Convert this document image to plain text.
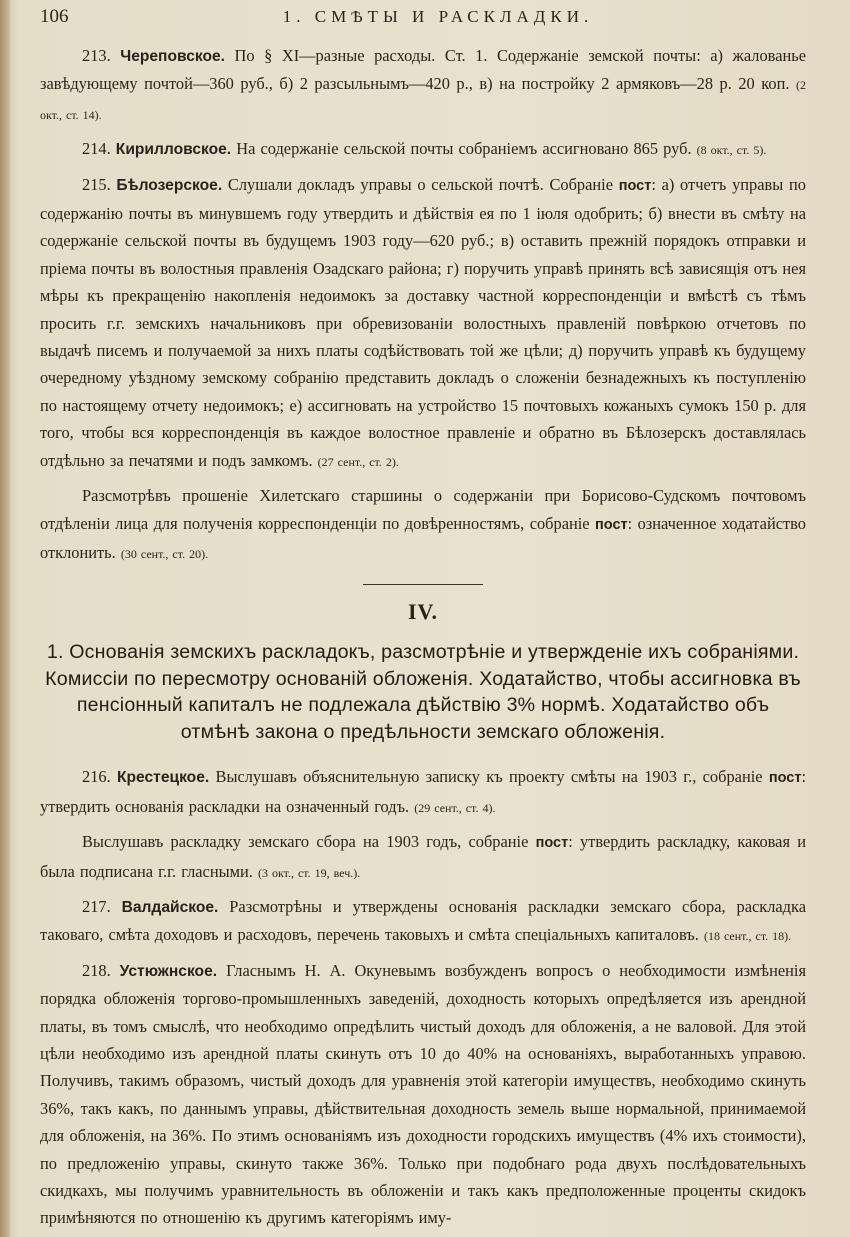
106	1. СМѢТЫ И РАСКЛАДКИ.

213. Череповское. По § XI—разные расходы. Ст. 1. Содержаніе земской почты: а) жалованье завѣдующему почтой—360 руб., б) 2 разсыльнымъ—420 р., в) на постройку 2 армяковъ—28 р. 20 коп. (2 окт., ст. 14).

214. Кирилловское. На содержаніе сельской почты собраніемъ ассигновано 865 руб. (8 окт., ст. 5).

215. Бѣлозерское. Слушали докладъ управы о сельской почтѣ. Собраніе пост: а) отчетъ управы по содержанію почты въ минувшемъ году утвердить и дѣйствія ея по 1 іюля одобрить; б) внести въ смѣту на содержаніе сельской почты въ будущемъ 1903 году—620 руб.; в) оставить прежній порядокъ отправки и пріема почты въ волостныя правленія Озадскаго района; г) поручить управѣ принять всѣ зависящія отъ нея мѣры къ прекращенію накопленія недоимокъ за доставку частной корреспонденціи и вмѣстѣ съ тѣмъ просить г.г. земскихъ начальниковъ при обревизованіи волостныхъ правленій повѣркою отчетовъ по выдачѣ писемъ и получаемой за нихъ платы содѣйствовать той же цѣли; д) поручить управѣ къ будущему очередному уѣздному земскому собранію представить докладъ о сложеніи безнадежныхъ къ поступленію по настоящему отчету недоимокъ; е) ассигновать на устройство 15 почтовыхъ кожаныхъ сумокъ 150 р. для того, чтобы вся корреспонденція въ каждое волостное правленіе и обратно въ Бѣлозерскъ доставлялась отдѣльно за печатями и подъ замкомъ. (27 сент., ст. 2).

Разсмотрѣвъ прошеніе Хилетскаго старшины о содержаніи при Борисово-Судскомъ почтовомъ отдѣленіи лица для полученія корреспонденціи по довѣренностямъ, собраніе пост: означенное ходатайство отклонить. (30 сент., ст. 20).

IV.
1. Основанія земскихъ раскладокъ, разсмотрѣніе и утвержденіе ихъ собраніями. Комиссіи по пересмотру основаній обложенія. Ходатайство, чтобы ассигновка въ пенсіонный капиталъ не подлежала дѣйствію 3% нормѣ. Ходатайство объ отмѣнѣ закона о предѣльности земскаго обложенія.

216. Крестецкое. Выслушавъ объяснительную записку къ проекту смѣты на 1903 г., собраніе пост: утвердить основанія раскладки на означенный годъ. (29 сент., ст. 4).

Выслушавъ раскладку земскаго сбора на 1903 годъ, собраніе пост: утвердить раскладку, каковая и была подписана г.г. гласными. (3 окт., ст. 19, веч.).

217. Валдайское. Разсмотрѣны и утверждены основанія раскладки земскаго сбора, раскладка таковаго, смѣта доходовъ и расходовъ, перечень таковыхъ и смѣта спеціальныхъ капиталовъ. (18 сент., ст. 18).

218. Устюжнское. Гласнымъ Н. А. Окуневымъ возбужденъ вопросъ о необходимости измѣненія порядка обложенія торгово-промышленныхъ заведеній, доходность которыхъ опредѣляется изъ арендной платы, въ томъ смыслѣ, что необходимо опредѣлить чистый доходъ для обложенія, а не валовой. Для этой цѣли необходимо изъ арендной платы скинуть отъ 10 до 40% на основаніяхъ, выработанныхъ управою. Получивъ, такимъ образомъ, чистый доходъ для уравненія этой категоріи имуществъ, необходимо скинуть 36%, такъ какъ, по даннымъ управы, дѣйствительная доходность земель выше нормальной, принимаемой для обложенія, на 36%. По этимъ основаніямъ изъ доходности городскихъ имуществъ (4% ихъ стоимости), по предложенію управы, скинуто также 36%. Только при подобнаго рода двухъ послѣдовательныхъ скидкахъ, мы получимъ уравнительность въ обложеніи и такъ какъ предположенные проценты скидокъ примѣняются по отношенію къ другимъ категоріямъ иму-
